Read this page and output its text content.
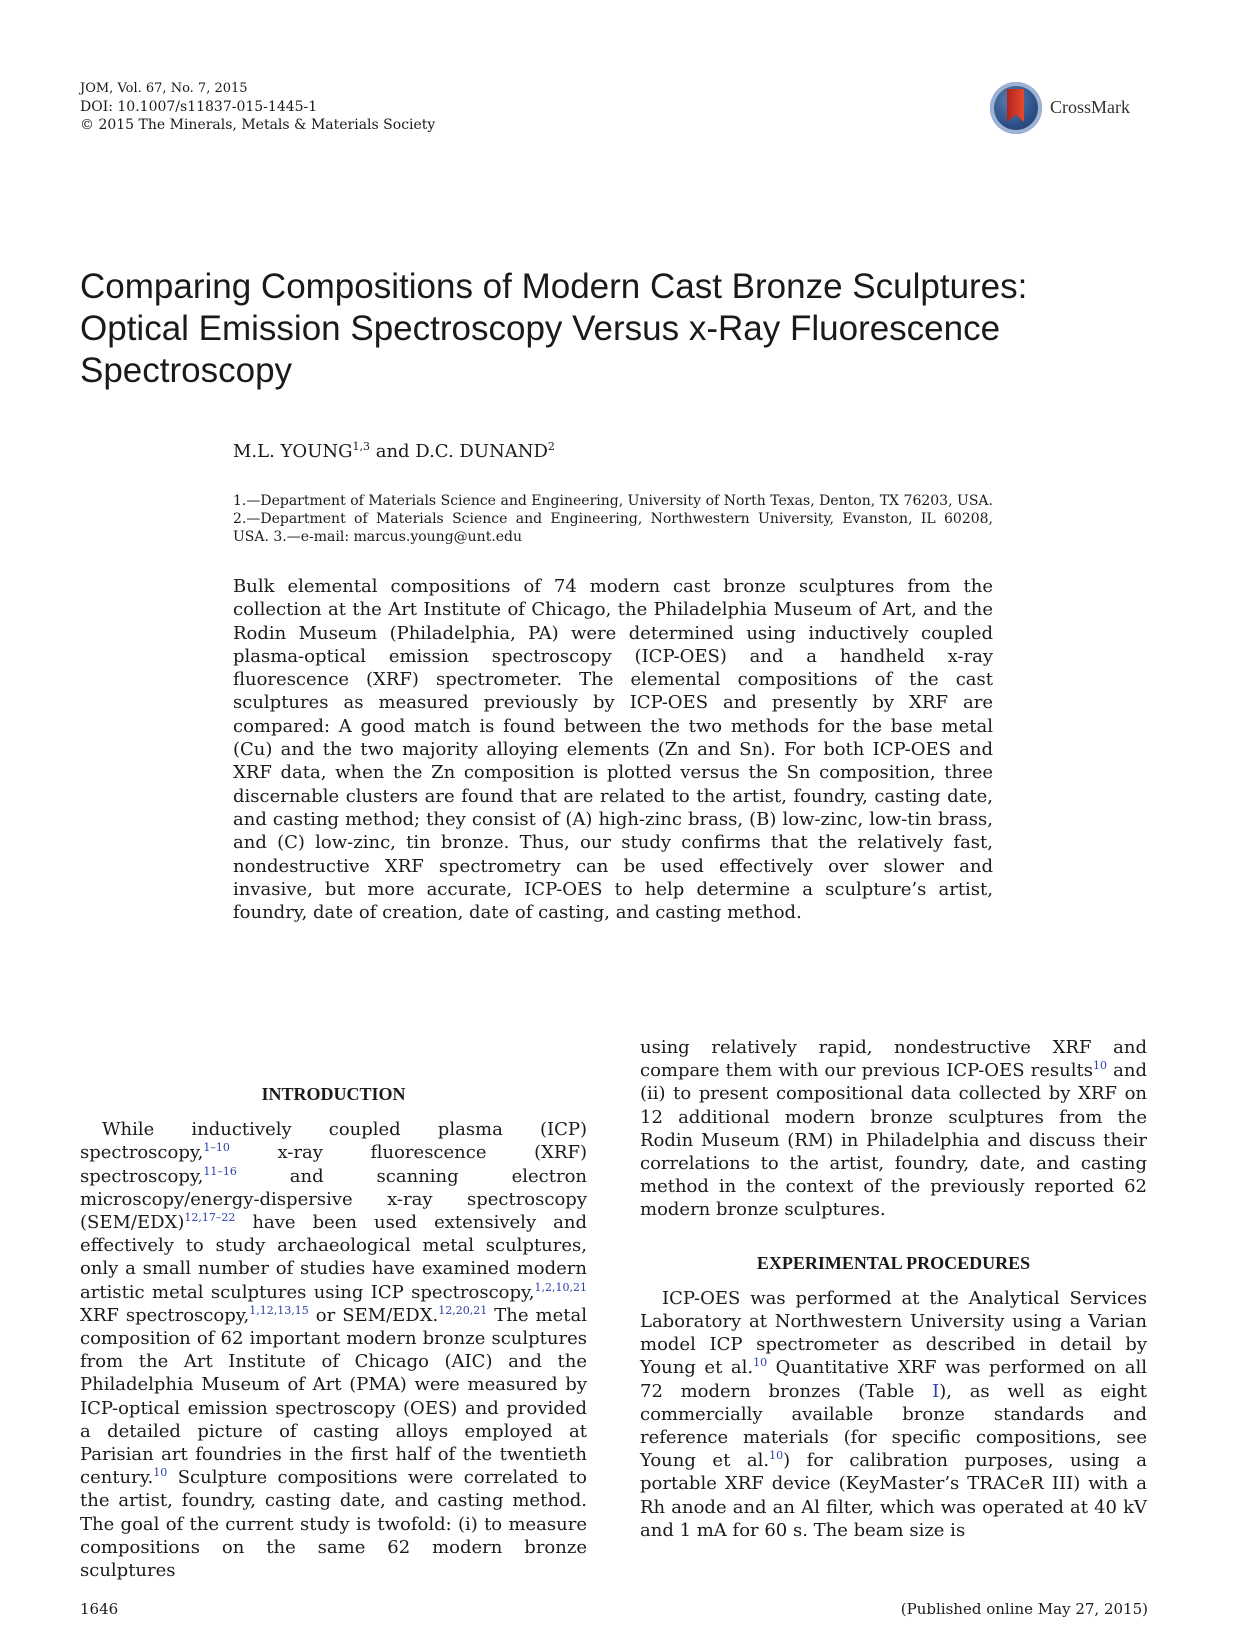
JOM, Vol. 67, No. 7, 2015
DOI: 10.1007/s11837-015-1445-1
© 2015 The Minerals, Metals & Materials Society
CrossMark
Comparing Compositions of Modern Cast Bronze Sculptures:
Optical Emission Spectroscopy Versus x-Ray Fluorescence
Spectroscopy
M.L. YOUNG$^{1,3}$ and D.C. DUNAND$^2$
1.—Department of Materials Science and Engineering, University of North Texas, Denton, TX 76203, USA. 2.—Department of Materials Science and Engineering, Northwestern University, Evanston, IL 60208, USA. 3.—e-mail: marcus.young@unt.edu
Bulk elemental compositions of 74 modern cast bronze sculptures from the collection at the Art Institute of Chicago, the Philadelphia Museum of Art, and the Rodin Museum (Philadelphia, PA) were determined using inductively coupled plasma-optical emission spectroscopy (ICP-OES) and a handheld x-ray fluorescence (XRF) spectrometer. The elemental compositions of the cast sculptures as measured previously by ICP-OES and presently by XRF are compared: A good match is found between the two methods for the base metal (Cu) and the two majority alloying elements (Zn and Sn). For both ICP-OES and XRF data, when the Zn composition is plotted versus the Sn composition, three discernable clusters are found that are related to the artist, foundry, casting date, and casting method; they consist of (A) high-zinc brass, (B) low-zinc, low-tin brass, and (C) low-zinc, tin bronze. Thus, our study confirms that the relatively fast, nondestructive XRF spectrometry can be used effectively over slower and invasive, but more accurate, ICP-OES to help determine a sculpture’s artist, foundry, date of creation, date of casting, and casting method.
INTRODUCTION

While inductively coupled plasma (ICP) spectroscopy,$^{1-10}$ x-ray fluorescence (XRF) spectroscopy,$^{11-16}$ and scanning electron microscopy/energy-dispersive x-ray spectroscopy (SEM/EDX)$^{12,17-22}$ have been used extensively and effectively to study archaeological metal sculptures, only a small number of studies have examined modern artistic metal sculptures using ICP spectroscopy,$^{1,2,10,21}$ XRF spectroscopy,$^{1,12,13,15}$ or SEM/EDX.$^{12,20,21}$ The metal composition of 62 important modern bronze sculptures from the Art Institute of Chicago (AIC) and the Philadelphia Museum of Art (PMA) were measured by ICP-optical emission spectroscopy (OES) and provided a detailed picture of casting alloys employed at Parisian art foundries in the first half of the twentieth century.$^{10}$ Sculpture compositions were correlated to the artist, foundry, casting date, and casting method. The goal of the current study is twofold: (i) to measure compositions on the same 62 modern bronze sculptures

using relatively rapid, nondestructive XRF and compare them with our previous ICP-OES results$^{10}$ and (ii) to present compositional data collected by XRF on 12 additional modern bronze sculptures from the Rodin Museum (RM) in Philadelphia and discuss their correlations to the artist, foundry, date, and casting method in the context of the previously reported 62 modern bronze sculptures.

EXPERIMENTAL PROCEDURES

ICP-OES was performed at the Analytical Services Laboratory at Northwestern University using a Varian model ICP spectrometer as described in detail by Young et al.$^{10}$ Quantitative XRF was performed on all 72 modern bronzes (Table I), as well as eight commercially available bronze standards and reference materials (for specific compositions, see Young et al.$^{10}$) for calibration purposes, using a portable XRF device (KeyMaster’s TRACeR III) with a Rh anode and an Al filter, which was operated at 40 kV and 1 mA for 60 s. The beam size is

1646	(Published online May 27, 2015)
